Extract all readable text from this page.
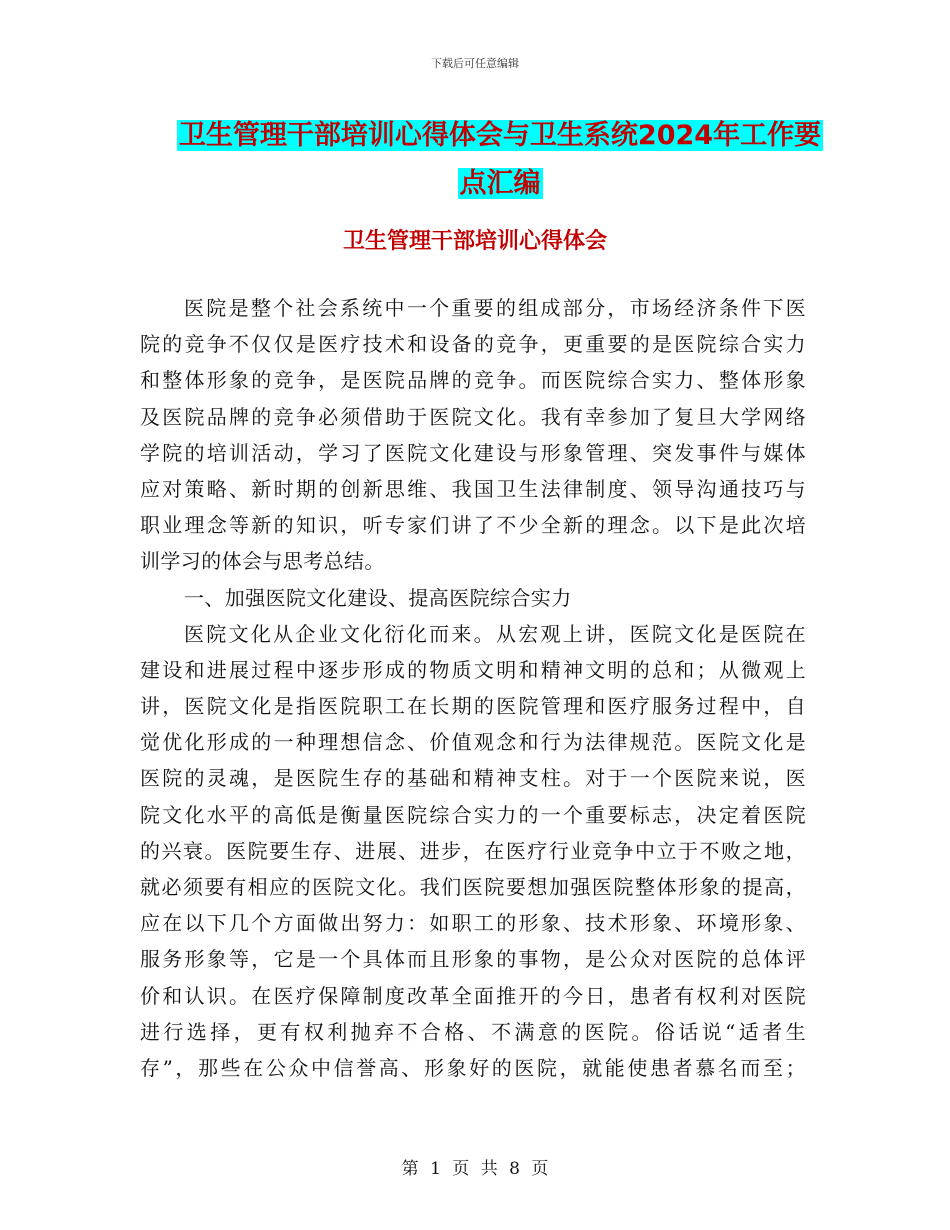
下载后可任意编辑
卫生管理干部培训心得体会与卫生系统2024年工作要
点汇编
卫生管理干部培训心得体会
医院是整个社会系统中一个重要的组成部分，市场经济条件下医
院的竞争不仅仅是医疗技术和设备的竞争，更重要的是医院综合实力
和整体形象的竞争，是医院品牌的竞争。而医院综合实力、整体形象
及医院品牌的竞争必须借助于医院文化。我有幸参加了复旦大学网络
学院的培训活动，学习了医院文化建设与形象管理、突发事件与媒体
应对策略、新时期的创新思维、我国卫生法律制度、领导沟通技巧与
职业理念等新的知识，听专家们讲了不少全新的理念。以下是此次培
训学习的体会与思考总结。
一、加强医院文化建设、提高医院综合实力
医院文化从企业文化衍化而来。从宏观上讲，医院文化是医院在
建设和进展过程中逐步形成的物质文明和精神文明的总和；从微观上
讲，医院文化是指医院职工在长期的医院管理和医疗服务过程中，自
觉优化形成的一种理想信念、价值观念和行为法律规范。医院文化是
医院的灵魂，是医院生存的基础和精神支柱。对于一个医院来说，医
院文化水平的高低是衡量医院综合实力的一个重要标志，决定着医院
的兴衰。医院要生存、进展、进步，在医疗行业竞争中立于不败之地，
就必须要有相应的医院文化。我们医院要想加强医院整体形象的提高，
应在以下几个方面做出努力：如职工的形象、技术形象、环境形象、
服务形象等，它是一个具体而且形象的事物，是公众对医院的总体评
价和认识。在医疗保障制度改革全面推开的今日，患者有权利对医院
进行选择，更有权利抛弃不合格、不满意的医院。俗话说“适者生
存”，那些在公众中信誉高、形象好的医院，就能使患者慕名而至；
第 1 页 共 8 页
